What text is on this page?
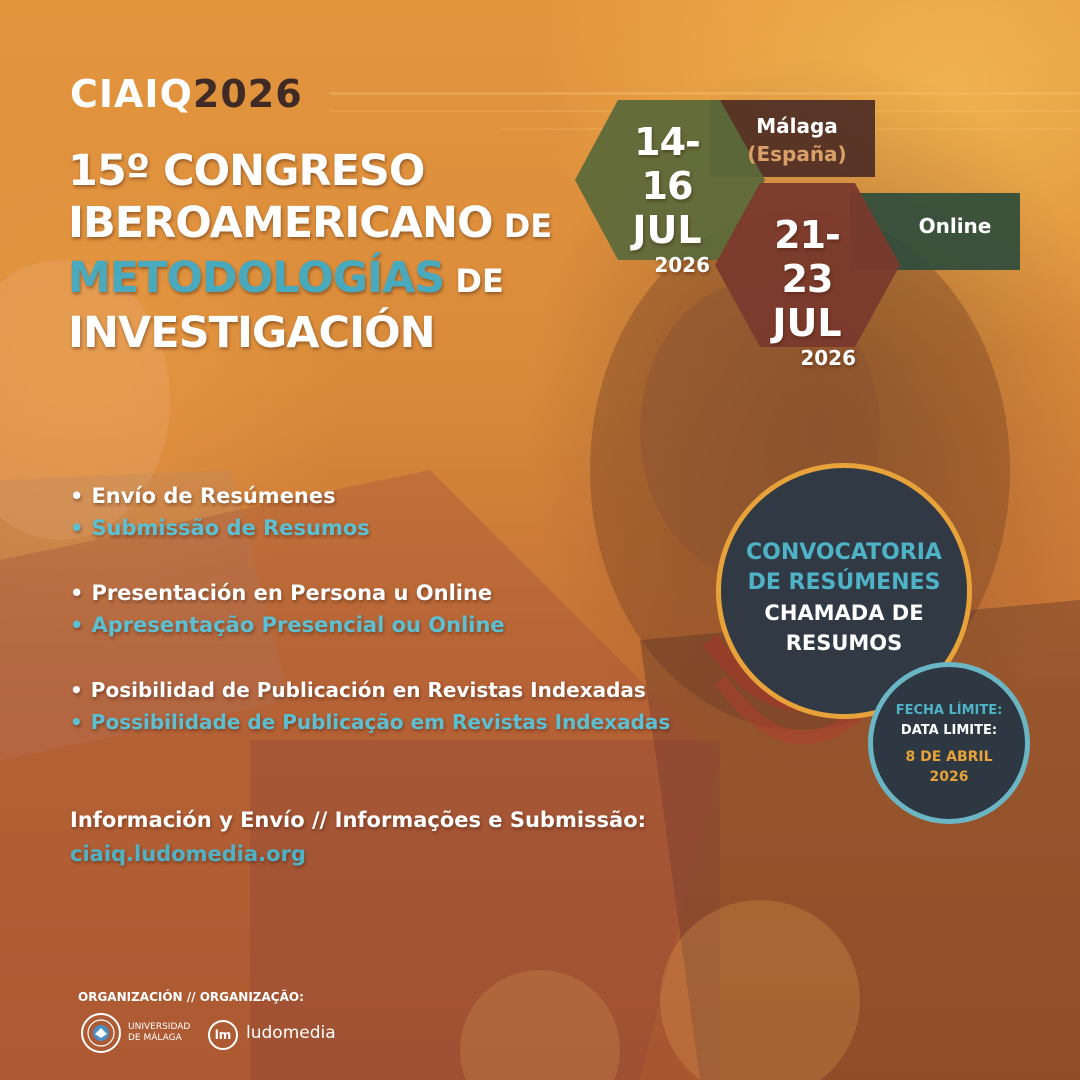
CIAIQ2026
15º CONGRESO
IBEROAMERICANO DE
METODOLOGÍAS DE
INVESTIGACIÓN
14-16
JUL
2026
Málaga
(España)
21-23
JUL
2026
Online
• Envío de Resúmenes
• Submissão de Resumos
• Presentación en Persona u Online
• Apresentação Presencial ou Online
• Posibilidad de Publicación en Revistas Indexadas
• Possibilidade de Publicação em Revistas Indexadas
Información y Envío // Informações e Submissão:
ciaiq.ludomedia.org
CONVOCATORIA
DE RESÚMENES
CHAMADA DE
RESUMOS
FECHA LÍMITE:
DATA LIMITE:
8 DE ABRIL
2026
ORGANIZACIÓN // ORGANIZAÇÃO:
UNIVERSIDAD
DE MÁLAGA	lm ludomedia
